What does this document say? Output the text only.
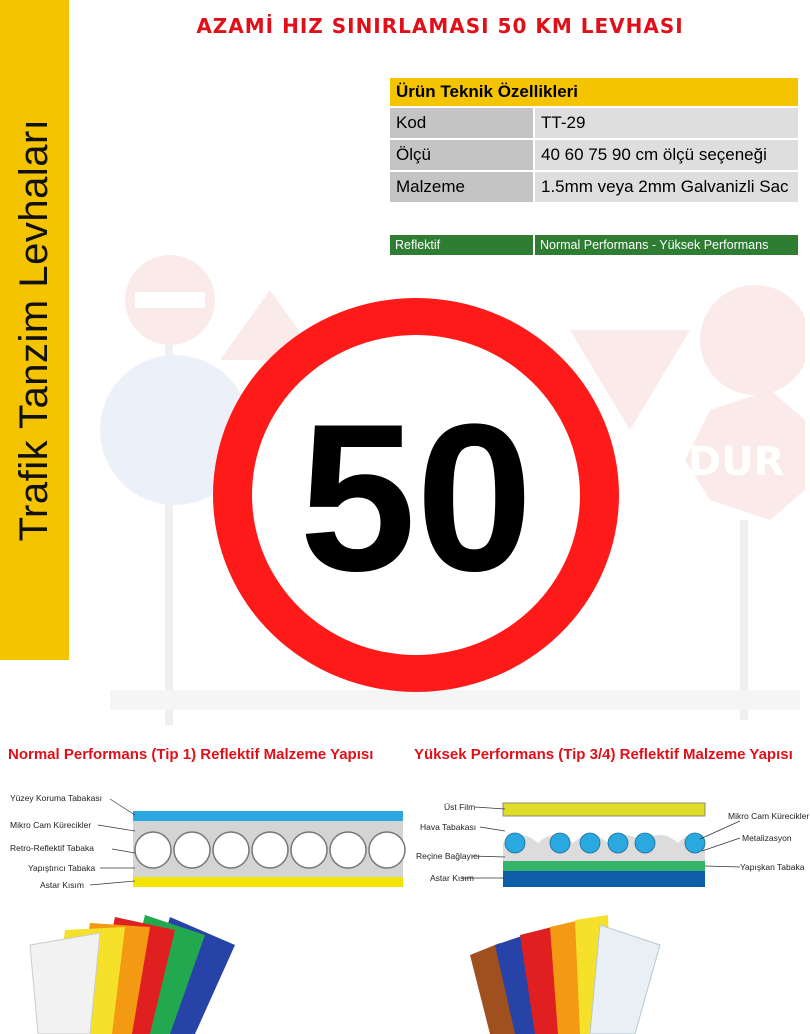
Trafik Tanzim Levhaları
AZAMİ HIZ SINIRLAMASI 50 KM LEVHASI
Ürün Teknik Özellikleri	
Kod	TT-29
Ölçü	40 60 75 90 cm ölçü seçeneği
Malzeme	1.5mm veya 2mm Galvanizli Sac
Reflektif	Normal Performans - Yüksek Performans
DUR
50
Normal Performans (Tip 1) Reflektif Malzeme Yapısı	Yüksek Performans (Tip 3/4) Reflektif Malzeme Yapısı
Yüzey Koruma Tabakası
Mikro Cam Kürecikler
Retro-Reflektif Tabaka
Yapıştırıcı Tabaka
Astar Kısım
Üst Film
Hava Tabakası
Reçine Bağlayıcı
Astar Kısım
Mikro Cam Kürecikler
Metalizasyon
Yapışkan Tabaka
